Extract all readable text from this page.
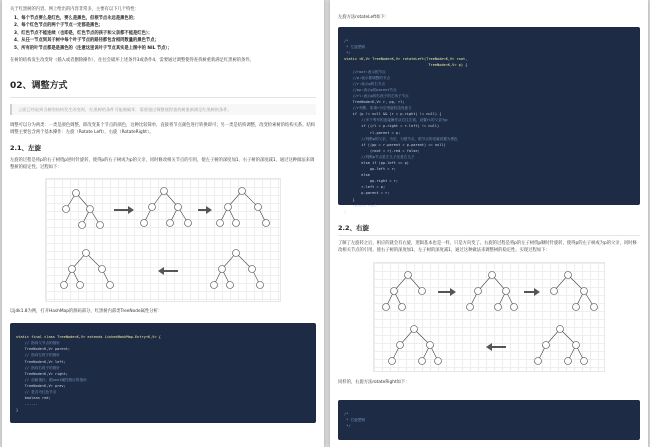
关于红黑树的内容，网上给出的内容非常多，主要有以下几个特性：
1、每个节点要么是红色，要么是黑色，但根节点永远是黑色的；
2、每个红色节点的两个子节点一定都是黑色；
3、红色节点不能连续（也即是，红色节点的孩子和父亲都不能是红色）；
4、从任一节点到其子树中每个叶子节点的路径都包含相同数量的黑色节点；
5、所有的叶节点都是是黑色的（注意这里说叶子节点其实是上图中的 NIL 节点）；
在树的结构发生改变时（插入或者删除操作），往往会破坏上述条件3或条件4，需要通过调整使得查找树重新满足红黑树的条件。
02、调整方式
上面已经说到当树的结构发生改变时，红黑树的条件可能被破坏，需要通过调整使得查找树重新满足红黑树的条件。
调整可以分为两类：一类是颜色调整，即改变某个节点的颜色，这种比较简单，直接将节点颜色进行转换即可；另一类是结构调整，改变检索树的结构关系。结构调整主要包含两个基本操作：左旋（Rotate Left），右旋（RotateRight）。
2.1、左旋
左旋的过程是将p的右子树绕p逆时针旋转，使得p的右子树成为p的父亲，同时修改相关节点的引用，使左子树的深度加1，右子树的深度减1，通过这种做法来调整树的稳定性。过程如下：
以jdk1.8为例，打开HashMap的源码部分，红黑树内部类TreeNode属性分析：

static final class TreeNode<K,V> extends LinkedHashMap.Entry<K,V> {
// 指向父节点的指针
TreeNode<K,V> parent;
// 指向左孩子的指针
TreeNode<K,V> left;
// 指向右孩子的指针
TreeNode<K,V> right;
// 前驱指针，跟next属性相反的指向
TreeNode<K,V> prev;
// 是否为红色节点
boolean red;
......
}

左旋方法rotateLeft如下：

/*
* 左旋逻辑
*/
static <K,V> TreeNode<K,V> rotateLeft(TreeNode<K,V> root,
TreeNode<K,V> p) {
//root:表示根节点
//p:表示要调整的节点
//r:表示p的右节点
//pp:表示p的parent节点
//rl:表示p的右孩子的左孩子节点
TreeNode<K,V> r, pp, rl;
//r判断，如果r为空则旋转没有意义
if (p != null && (r = p.right) != null) {
//多个等号的连接操作从右往左看，设置rl的父亲为p
if ((rl = p.right = r.left) != null)
rl.parent = p;
//判断p的父亲，为空，为根节点，根节点的话就设置为黑色
if ((pp = r.parent = p.parent) == null)
(root = r).red = false;
//判断p节点是左儿子还是右儿子
else if (pp.left == p)
pp.left = r;
else
pp.right = r;
r.left = p;
p.parent = r;
}
return root;
}

2.2、右旋
了解了左旋转之后，相应的就会有右旋，逻辑基本也是一样，只是方向变了。右旋的过程是将p的左子树绕p顺时针旋转，使得p的左子树成为p的父亲，同时修改相关节点的引用，使右子树的深度加1，左子树的深度减1，通过这种做法来调整树的稳定性。实现过程如下：
同样的，右旋方法rotateRight如下：

/*
* 右旋逻辑
*/
